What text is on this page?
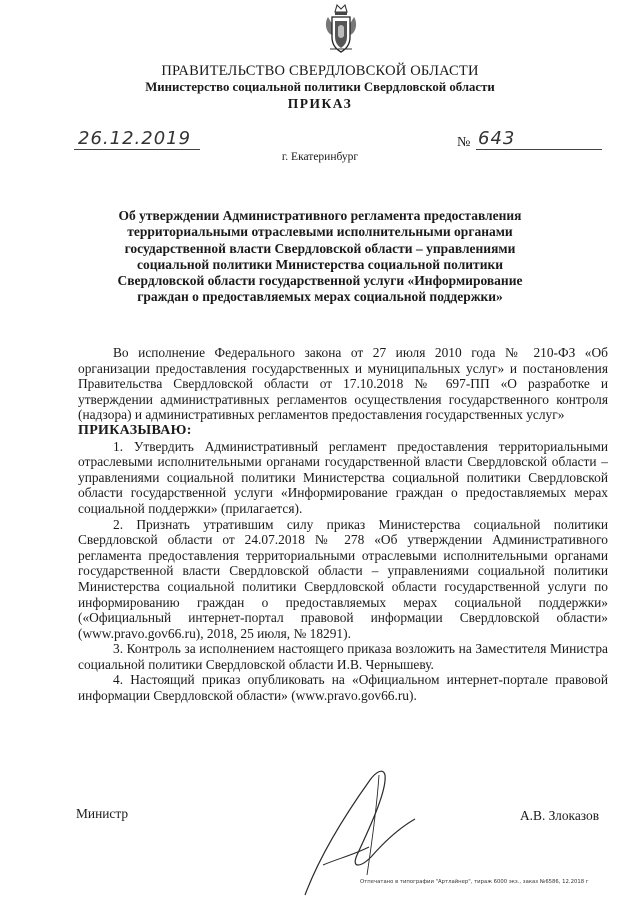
ПРАВИТЕЛЬСТВО СВЕРДЛОВСКОЙ ОБЛАСТИ
Министерство социальной политики Свердловской области
ПРИКАЗ
26.12.2019	№ 643
г. Екатеринбург
Об утверждении Административного регламента предоставления территориальными отраслевыми исполнительными органами государственной власти Свердловской области – управлениями социальной политики Министерства социальной политики Свердловской области государственной услуги «Информирование граждан о предоставляемых мерах социальной поддержки»

Во исполнение Федерального закона от 27 июля 2010 года № 210-ФЗ «Об организации предоставления государственных и муниципальных услуг» и постановления Правительства Свердловской области от 17.10.2018 № 697-ПП «О разработке и утверждении административных регламентов осуществления государственного контроля (надзора) и административных регламентов предоставления государственных услуг»

ПРИКАЗЫВАЮ:

1. Утвердить Административный регламент предоставления территориальными отраслевыми исполнительными органами государственной власти Свердловской области – управлениями социальной политики Министерства социальной политики Свердловской области государственной услуги «Информирование граждан о предоставляемых мерах социальной поддержки» (прилагается).

2. Признать утратившим силу приказ Министерства социальной политики Свердловской области от 24.07.2018 № 278 «Об утверждении Административного регламента предоставления территориальными отраслевыми исполнительными органами государственной власти Свердловской области – управлениями социальной политики Министерства социальной политики Свердловской области государственной услуги по информированию граждан о предоставляемых мерах социальной поддержки» («Официальный интернет-портал правовой информации Свердловской области» (www.pravo.gov66.ru), 2018, 25 июля, № 18291).

3. Контроль за исполнением настоящего приказа возложить на Заместителя Министра социальной политики Свердловской области И.В. Чернышеву.

4. Настоящий приказ опубликовать на «Официальном интернет-портале правовой информации Свердловской области» (www.pravo.gov66.ru).

Министр	А.В. Злоказов
Отпечатано в типографии "Артлайнер", тираж 6000 экз., заказ №6586, 12.2018 г
